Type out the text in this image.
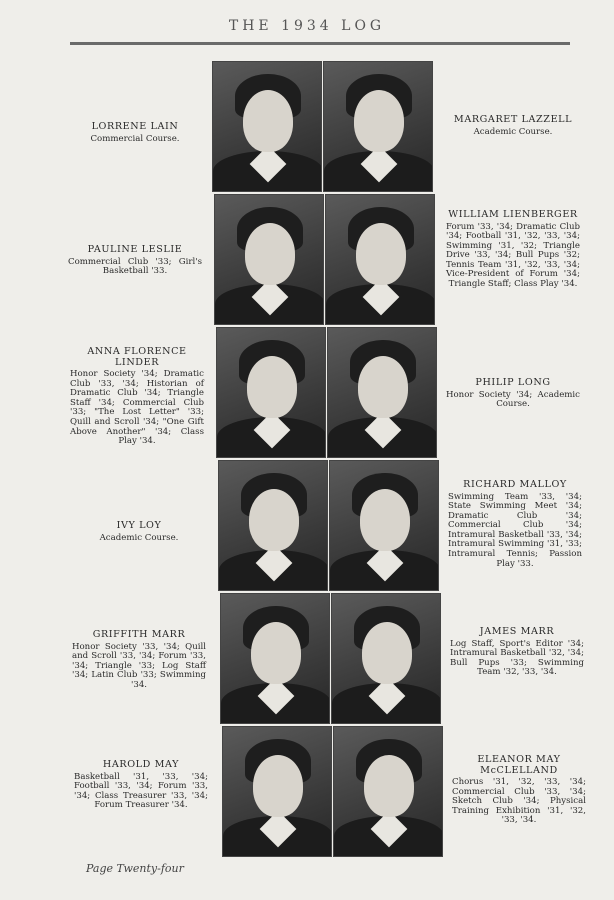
THE 1934 LOG
LORRENE LAIN
Commercial Course.
MARGARET LAZZELL
Academic Course.
PAULINE LESLIE
Commercial Club '33; Girl's Basketball '33.
WILLIAM LIENBERGER
Forum '33, '34; Dramatic Club '34; Football '31, '32, '33, '34; Swimming '31, '32; Triangle Drive '33, '34; Bull Pups '32; Tennis Team '31, '32, '33, '34; Vice-President of Forum '34; Triangle Staff; Class Play '34.
ANNA FLORENCE LINDER
Honor Society '34; Dramatic Club '33, '34; Historian of Dramatic Club '34; Triangle Staff '34; Commercial Club '33; "The Lost Letter" '33; Quill and Scroll '34; "One Gift Above Another" '34; Class Play '34.
PHILIP LONG
Honor Society '34; Academic Course.
IVY LOY
Academic Course.
RICHARD MALLOY
Swimming Team '33, '34; State Swimming Meet '34; Dramatic Club '34; Commercial Club '34; Intramural Basketball '33, '34; Intramural Swimming '31, '33; Intramural Tennis; Passion Play '33.
GRIFFITH MARR
Honor Society '33, '34; Quill and Scroll '33, '34; Forum '33, '34; Triangle '33; Log Staff '34; Latin Club '33; Swimming '34.
JAMES MARR
Log Staff, Sport's Editor '34; Intramural Basketball '32, '34; Bull Pups '33; Swimming Team '32, '33, '34.
HAROLD MAY
Basketball '31, '33, '34; Football '33, '34; Forum '33, '34; Class Treasurer '33, '34; Forum Treasurer '34.
ELEANOR MAY McCLELLAND
Chorus '31, '32, '33, '34; Commercial Club '33, '34; Sketch Club '34; Physical Training Exhibition '31, '32, '33, '34.
Page Twenty-four
